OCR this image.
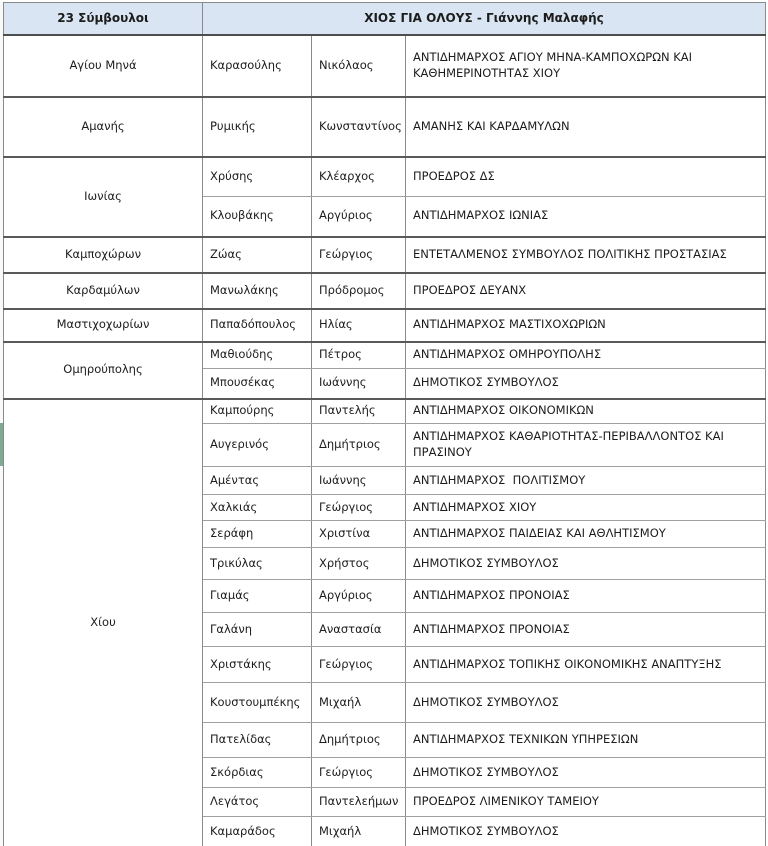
23 Σύμβουλοι	ΧΙΟΣ ΓΙΑ ΟΛΟΥΣ - Γιάννης Μαλαφής		
Αγίου Μηνά	Καρασούλης	Νικόλαος	ΑΝΤΙΔΗΜΑΡΧΟΣ ΑΓΙΟΥ ΜΗΝΑ-ΚΑΜΠΟΧΩΡΩΝ ΚΑΙ ΚΑΘΗΜΕΡΙΝΟΤΗΤΑΣ ΧΙΟΥ
Αμανής	Ρυμικής	Κωνσταντίνος	ΑΜΑΝΗΣ ΚΑΙ ΚΑΡΔΑΜΥΛΩΝ
Ιωνίας	Χρύσης	Κλέαρχος	ΠΡΟΕΔΡΟΣ ΔΣ
	Κλουβάκης	Αργύριος	ΑΝΤΙΔΗΜΑΡΧΟΣ ΙΩΝΙΑΣ
Καμποχώρων	Ζώας	Γεώργιος	ΕΝΤΕΤΑΛΜΕΝΟΣ ΣΥΜΒΟΥΛΟΣ ΠΟΛΙΤΙΚΗΣ ΠΡΟΣΤΑΣΙΑΣ
Καρδαμύλων	Μανωλάκης	Πρόδρομος	ΠΡΟΕΔΡΟΣ ΔΕΥΑΝΧ
Μαστιχοχωρίων	Παπαδόπουλος	Ηλίας	ΑΝΤΙΔΗΜΑΡΧΟΣ ΜΑΣΤΙΧΟΧΩΡΙΩΝ
Ομηρούπολης	Μαθιούδης	Πέτρος	ΑΝΤΙΔΗΜΑΡΧΟΣ ΟΜΗΡΟΥΠΟΛΗΣ
	Μπουσέκας	Ιωάννης	ΔΗΜΟΤΙΚΟΣ ΣΥΜΒΟΥΛΟΣ
Χίου	Καμπούρης	Παντελής	ΑΝΤΙΔΗΜΑΡΧΟΣ ΟΙΚΟΝΟΜΙΚΩΝ
	Αυγερινός	Δημήτριος	ΑΝΤΙΔΗΜΑΡΧΟΣ ΚΑΘΑΡΙΟΤΗΤΑΣ-ΠΕΡΙΒΑΛΛΟΝΤΟΣ ΚΑΙ ΠΡΑΣΙΝΟΥ
	Αμέντας	Ιωάννης	ΑΝΤΙΔΗΜΑΡΧΟΣ  ΠΟΛΙΤΙΣΜΟΥ
	Χαλκιάς	Γεώργιος	ΑΝΤΙΔΗΜΑΡΧΟΣ ΧΙΟΥ
	Σεράφη	Χριστίνα	ΑΝΤΙΔΗΜΑΡΧΟΣ ΠΑΙΔΕΙΑΣ ΚΑΙ ΑΘΛΗΤΙΣΜΟΥ
	Τρικύλας	Χρήστος	ΔΗΜΟΤΙΚΟΣ ΣΥΜΒΟΥΛΟΣ
	Γιαμάς	Αργύριος	ΑΝΤΙΔΗΜΑΡΧΟΣ ΠΡΟΝΟΙΑΣ
	Γαλάνη	Αναστασία	ΑΝΤΙΔΗΜΑΡΧΟΣ ΠΡΟΝΟΙΑΣ
	Χριστάκης	Γεώργιος	ΑΝΤΙΔΗΜΑΡΧΟΣ ΤΟΠΙΚΗΣ ΟΙΚΟΝΟΜΙΚΗΣ ΑΝΑΠΤΥΞΗΣ
	Κουστουμπέκης	Μιχαήλ	ΔΗΜΟΤΙΚΟΣ ΣΥΜΒΟΥΛΟΣ
	Πατελίδας	Δημήτριος	ΑΝΤΙΔΗΜΑΡΧΟΣ ΤΕΧΝΙΚΩΝ ΥΠΗΡΕΣΙΩΝ
	Σκόρδιας	Γεώργιος	ΔΗΜΟΤΙΚΟΣ ΣΥΜΒΟΥΛΟΣ
	Λεγάτος	Παντελεήμων	ΠΡΟΕΔΡΟΣ ΛΙΜΕΝΙΚΟΥ ΤΑΜΕΙΟΥ
	Καμαράδος	Μιχαήλ	ΔΗΜΟΤΙΚΟΣ ΣΥΜΒΟΥΛΟΣ
